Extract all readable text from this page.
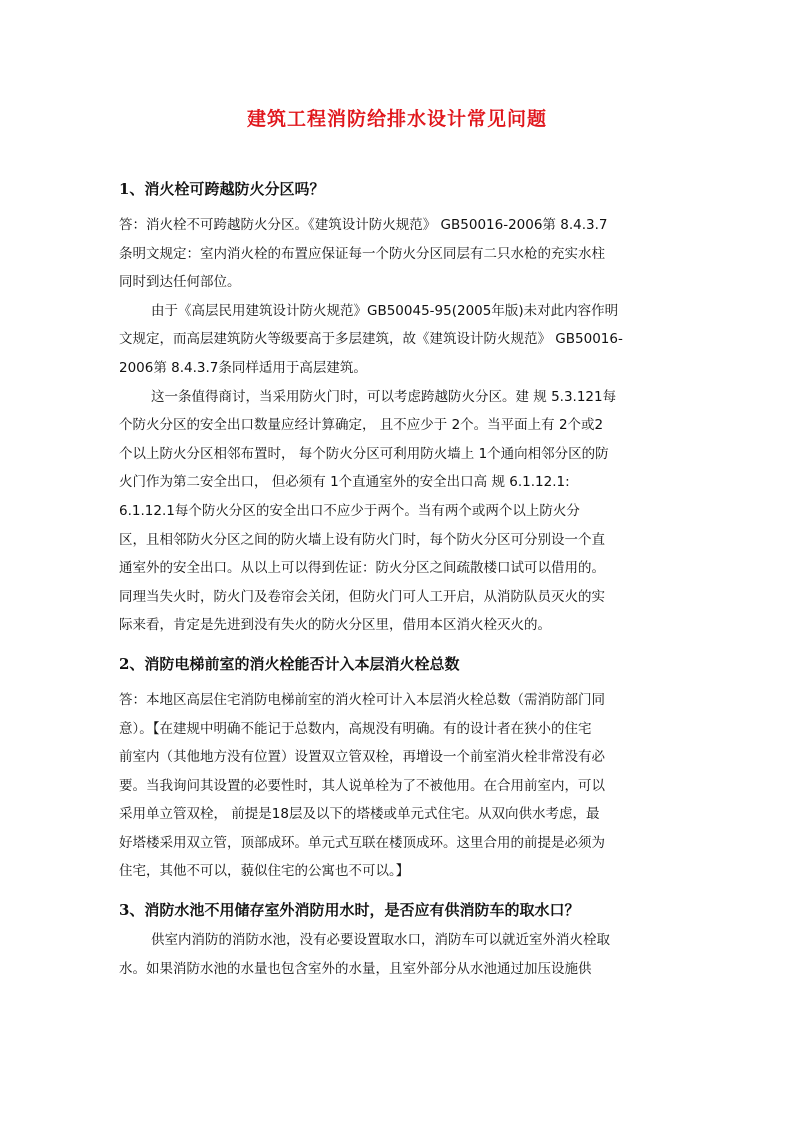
建筑工程消防给排水设计常见问题
1、消火栓可跨越防火分区吗？
答：消火栓不可跨越防火分区。《建筑设计防火规范》 GB50016-2006第 8.4.3.7
条明文规定：室内消火栓的布置应保证每一个防火分区同层有二只水枪的充实水柱
同时到达任何部位。
由于《高层民用建筑设计防火规范》GB50045-95(2005年版)未对此内容作明
文规定，而高层建筑防火等级要高于多层建筑，故《建筑设计防火规范》 GB50016-
2006第 8.4.3.7条同样适用于高层建筑。
这一条值得商讨，当采用防火门时，可以考虑跨越防火分区。建 规 5.3.121每
个防火分区的安全出口数量应经计算确定， 且不应少于 2个。当平面上有 2个或2
个以上防火分区相邻布置时， 每个防火分区可利用防火墙上 1个通向相邻分区的防
火门作为第二安全出口， 但必须有 1个直通室外的安全出口高 规 6.1.12.1:
6.1.12.1每个防火分区的安全出口不应少于两个。当有两个或两个以上防火分
区，且相邻防火分区之间的防火墙上设有防火门时，每个防火分区可分别设一个直
通室外的安全出口。从以上可以得到佐证：防火分区之间疏散楼口试可以借用的。
同理当失火时，防火门及卷帘会关闭，但防火门可人工开启，从消防队员灭火的实
际来看，肯定是先进到没有失火的防火分区里，借用本区消火栓灭火的。
2、消防电梯前室的消火栓能否计入本层消火栓总数
答：本地区高层住宅消防电梯前室的消火栓可计入本层消火栓总数（需消防部门同
意）。【在建规中明确不能记于总数内，高规没有明确。有的设计者在狭小的住宅
前室内（其他地方没有位置）设置双立管双栓，再增设一个前室消火栓非常没有必
要。当我询问其设置的必要性时，其人说单栓为了不被他用。在合用前室内，可以
采用单立管双栓， 前提是18层及以下的塔楼或单元式住宅。从双向供水考虑，最
好塔楼采用双立管，顶部成环。单元式互联在楼顶成环。这里合用的前提是必须为
住宅，其他不可以，藐似住宅的公寓也不可以。】
3、消防水池不用储存室外消防用水时，是否应有供消防车的取水口？
供室内消防的消防水池，没有必要设置取水口，消防车可以就近室外消火栓取
水。如果消防水池的水量也包含室外的水量，且室外部分从水池通过加压设施供
